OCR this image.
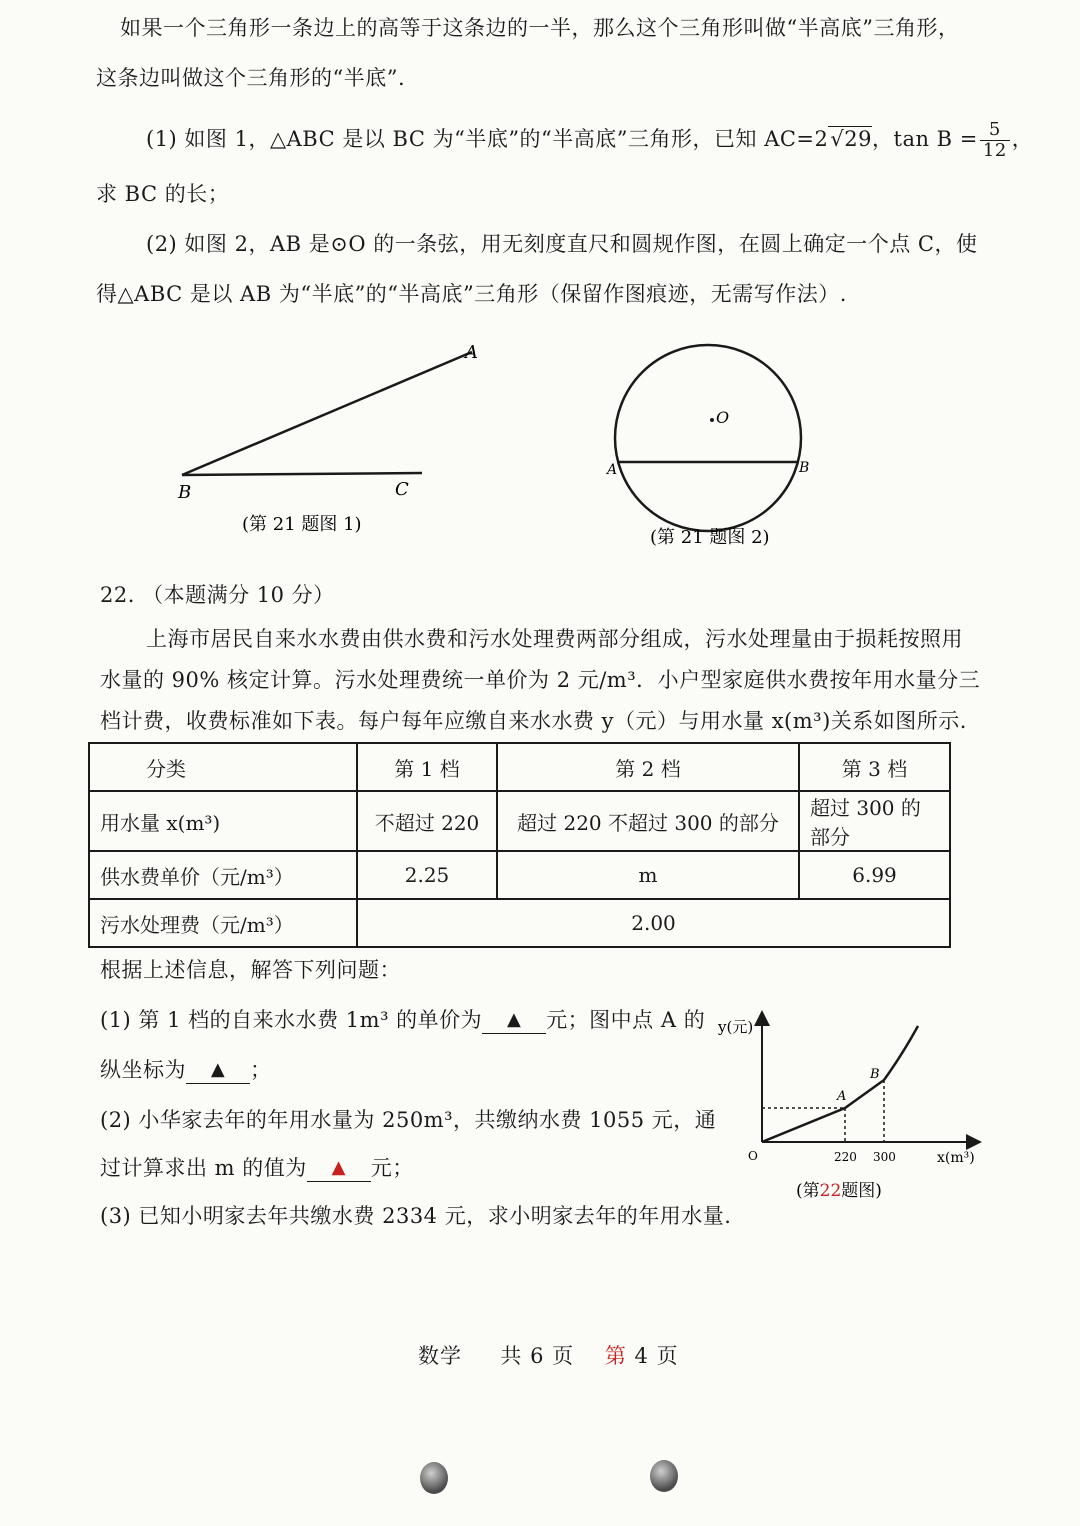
如果一个三角形一条边上的高等于这条边的一半，那么这个三角形叫做“半高底”三角形，
这条边叫做这个三角形的“半底”.
(1) 如图 1，△ABC 是以 BC 为“半底”的“半高底”三角形，已知 AC=2√29，$\tan B = \frac{5}{12}$ ，
求 BC 的长；
(2) 如图 2，AB 是⊙O 的一条弦，用无刻度直尺和圆规作图，在圆上确定一个点 C，使
得△ABC 是以 AB 为“半底”的“半高底”三角形（保留作图痕迹，无需写作法）.
A
B	C
(第 21 题图 1)
O
A	B
(第 21 题图 2)
22. （本题满分 10 分）
上海市居民自来水水费由供水费和污水处理费两部分组成，污水处理量由于损耗按照用
水量的 90% 核定计算。污水处理费统一单价为 2 元/m³．小户型家庭供水费按年用水量分三
档计费，收费标准如下表。每户每年应缴自来水水费 y（元）与用水量 x(m³)关系如图所示.
分类	第 1 档	第 2 档	第 3 档
用水量 x(m³)	不超过 220	超过 220 不超过 300 的部分	超过 300 的部分
供水费单价（元/m³）	2.25	m	6.99
污水处理费（元/m³）	2.00		
根据上述信息，解答下列问题：
(1) 第 1 档的自来水水费 1m³ 的单价为 ▲ 元；图中点 A 的
纵坐标为 ▲ ；
(2) 小华家去年的年用水量为 250m³，共缴纳水费 1055 元，通
过计算求出 m 的值为 ▲ 元；
(3) 已知小明家去年共缴水费 2334 元，求小明家去年的年用水量.
y(元)
x(m³)
O	220 300
A
B
(第22题图)
数学 共 6 页 第 4 页
